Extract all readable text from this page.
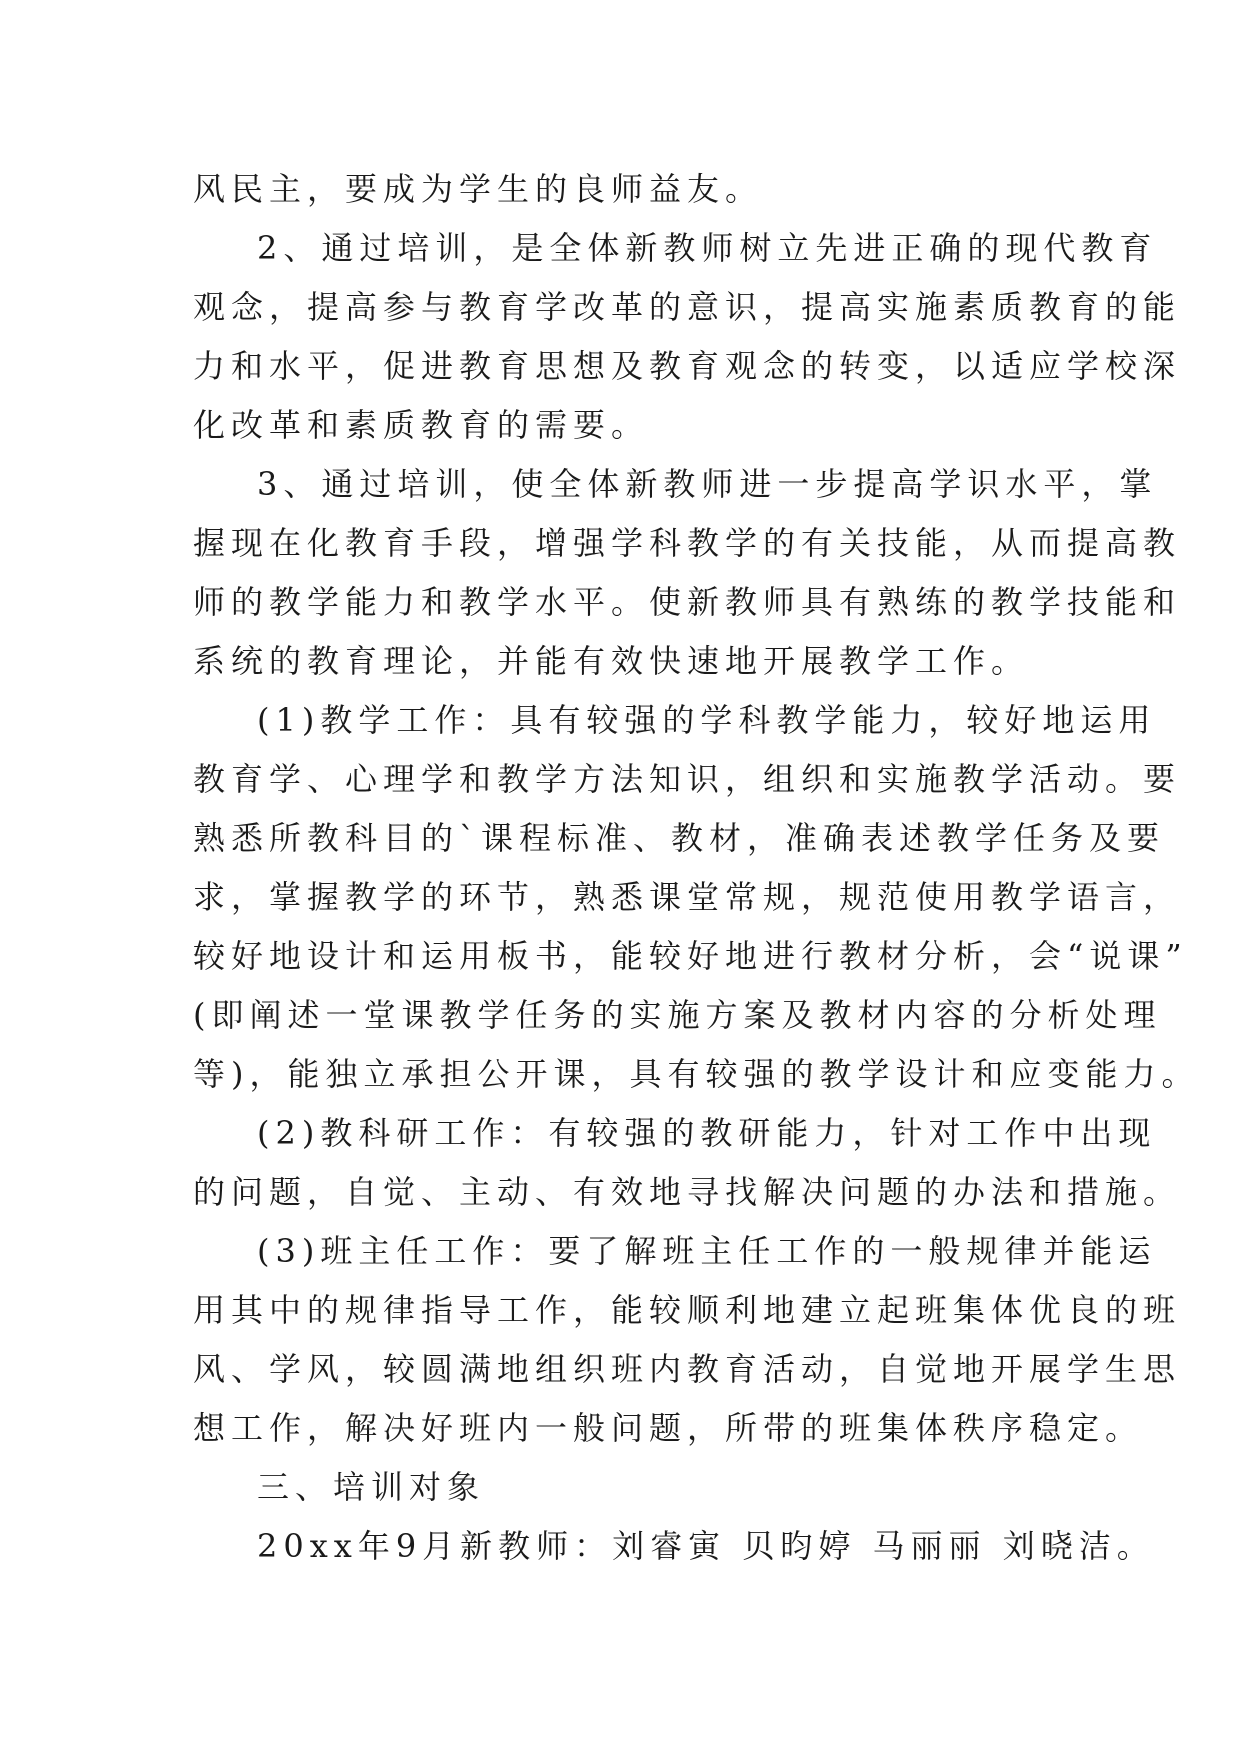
风民主，要成为学生的良师益友。
2、通过培训，是全体新教师树立先进正确的现代教育
观念，提高参与教育学改革的意识，提高实施素质教育的能
力和水平，促进教育思想及教育观念的转变，以适应学校深
化改革和素质教育的需要。
3、通过培训，使全体新教师进一步提高学识水平，掌
握现在化教育手段，增强学科教学的有关技能，从而提高教
师的教学能力和教学水平。使新教师具有熟练的教学技能和
系统的教育理论，并能有效快速地开展教学工作。
(1)教学工作：具有较强的学科教学能力，较好地运用
教育学、心理学和教学方法知识，组织和实施教学活动。要
熟悉所教科目的`课程标准、教材，准确表述教学任务及要
求，掌握教学的环节，熟悉课堂常规，规范使用教学语言，
较好地设计和运用板书，能较好地进行教材分析，会“说课”
(即阐述一堂课教学任务的实施方案及教材内容的分析处理
等)，能独立承担公开课，具有较强的教学设计和应变能力。
(2)教科研工作：有较强的教研能力，针对工作中出现
的问题，自觉、主动、有效地寻找解决问题的办法和措施。
(3)班主任工作：要了解班主任工作的一般规律并能运
用其中的规律指导工作，能较顺利地建立起班集体优良的班
风、学风，较圆满地组织班内教育活动，自觉地开展学生思
想工作，解决好班内一般问题，所带的班集体秩序稳定。
三、培训对象
20xx年9月新教师：刘睿寅 贝昀婷 马丽丽 刘晓洁。
